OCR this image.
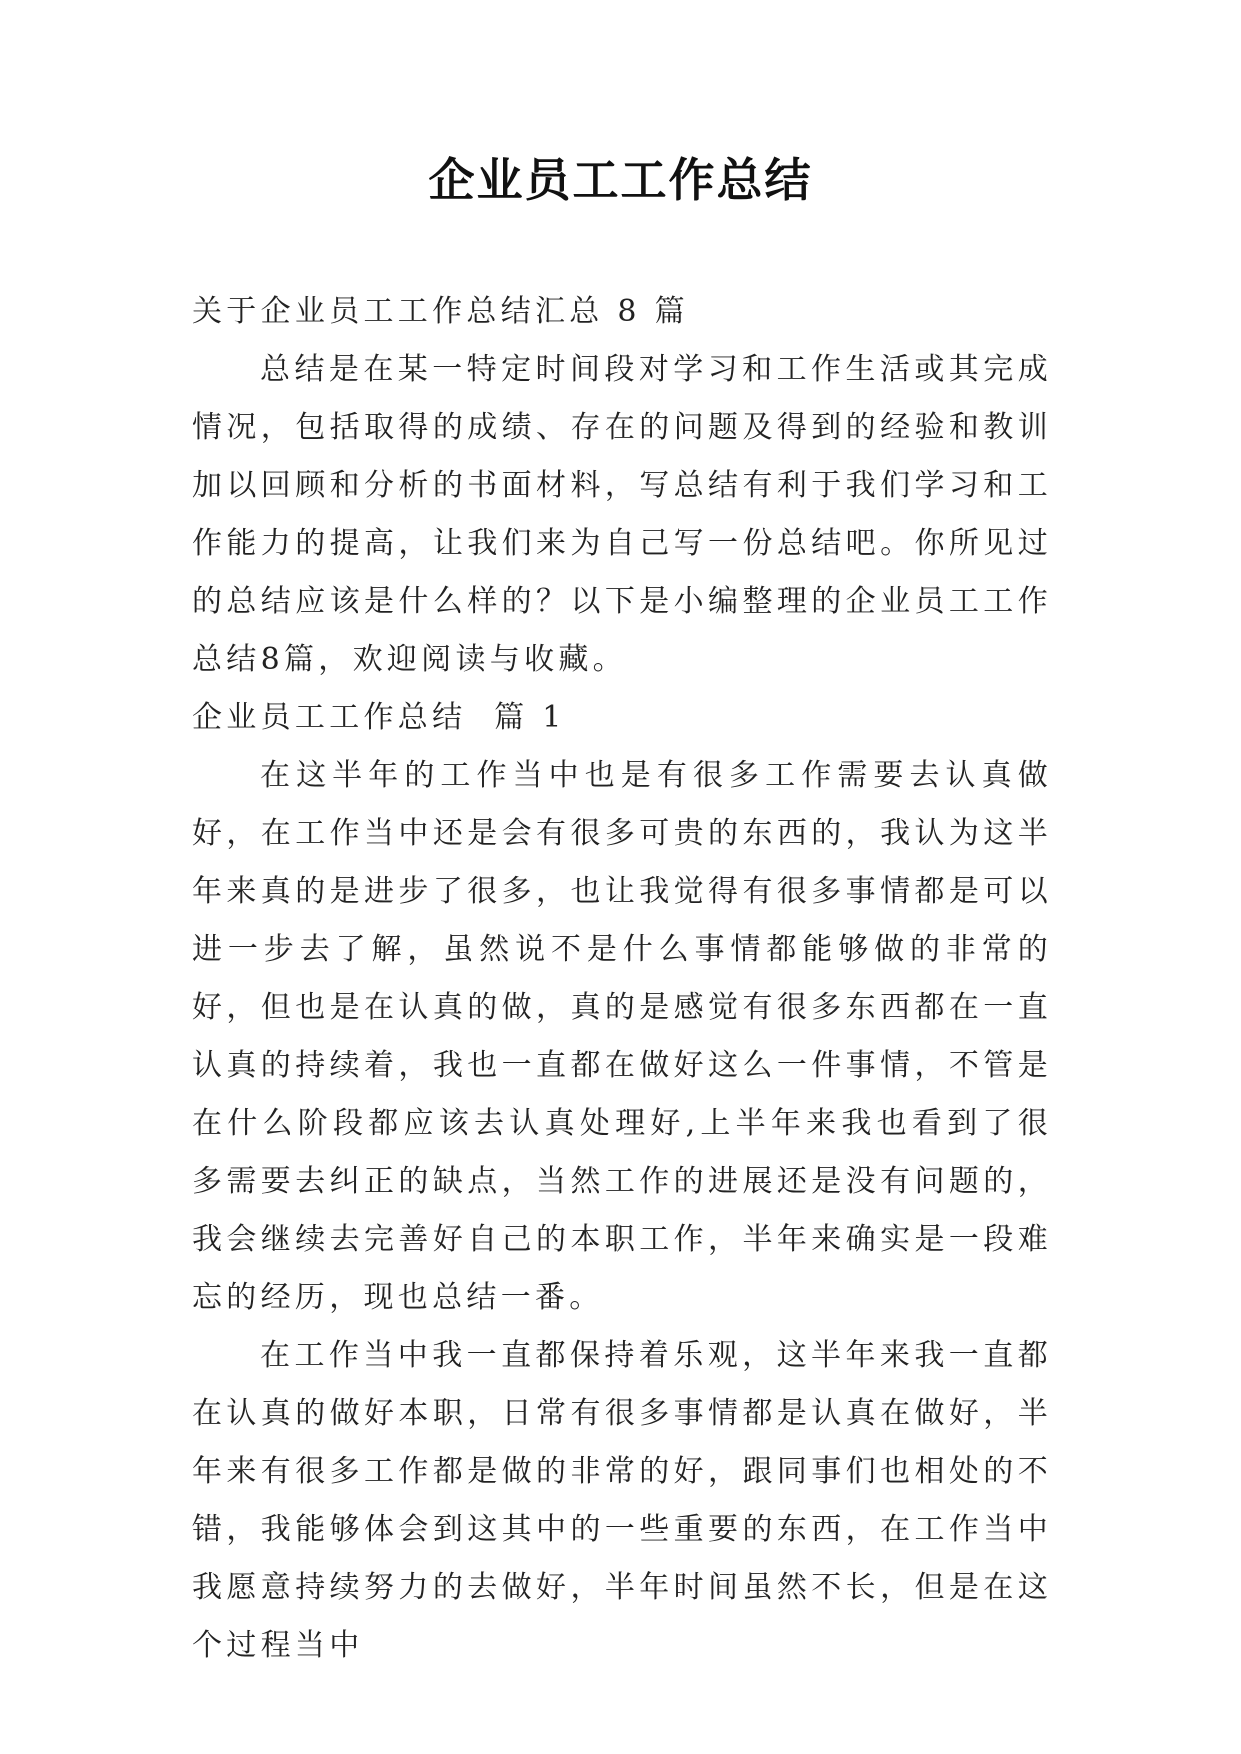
企业员工工作总结

关于企业员工工作总结汇总 8 篇

总结是在某一特定时间段对学习和工作生活或其完成情况，包括取得的成绩、存在的问题及得到的经验和教训加以回顾和分析的书面材料，写总结有利于我们学习和工作能力的提高，让我们来为自己写一份总结吧。你所见过的总结应该是什么样的？以下是小编整理的企业员工工作总结8篇，欢迎阅读与收藏。

企业员工工作总结  篇 1

在这半年的工作当中也是有很多工作需要去认真做好，在工作当中还是会有很多可贵的东西的，我认为这半年来真的是进步了很多，也让我觉得有很多事情都是可以进一步去了解，虽然说不是什么事情都能够做的非常的好，但也是在认真的做，真的是感觉有很多东西都在一直认真的持续着，我也一直都在做好这么一件事情，不管是在什么阶段都应该去认真处理好,上半年来我也看到了很多需要去纠正的缺点，当然工作的进展还是没有问题的，我会继续去完善好自己的本职工作，半年来确实是一段难忘的经历，现也总结一番。

在工作当中我一直都保持着乐观，这半年来我一直都在认真的做好本职，日常有很多事情都是认真在做好，半年来有很多工作都是做的非常的好，跟同事们也相处的不错，我能够体会到这其中的一些重要的东西，在工作当中我愿意持续努力的去做好，半年时间虽然不长，但是在这个过程当中
